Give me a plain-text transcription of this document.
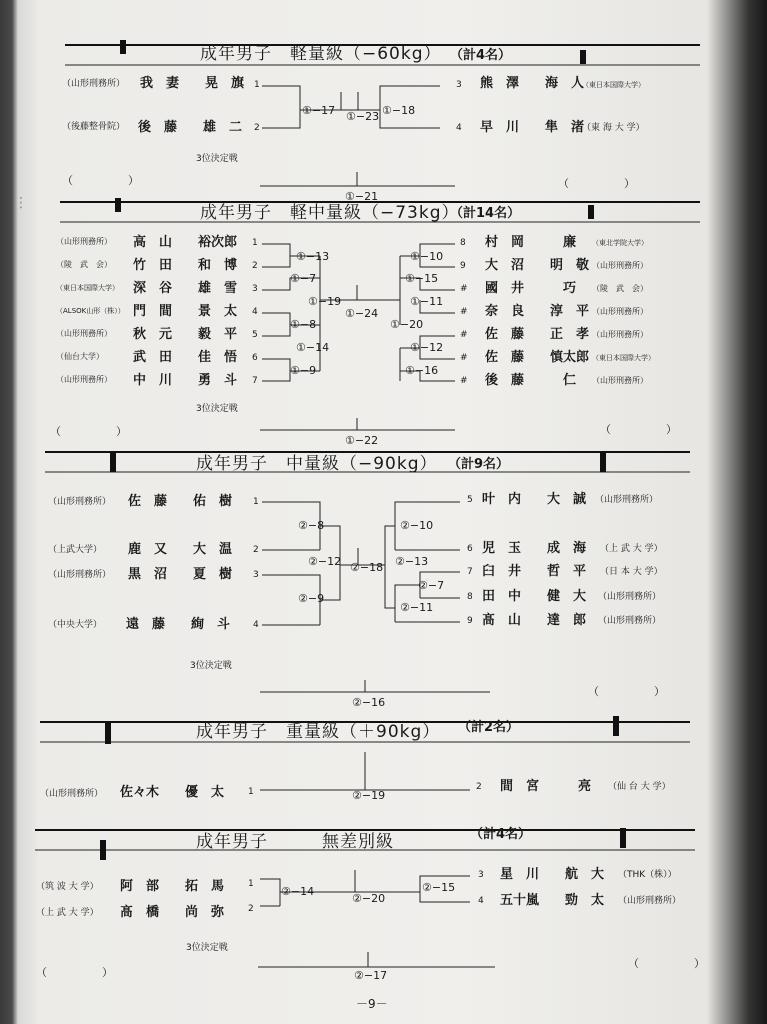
⋮
成年男子　軽量級（−60kg） （計4名）
（山形刑務所） 我　妻　　晃　旗 1
（後藤整骨院） 後　藤　　雄　二 2
3 熊　澤　　海　人
（東日本国際大学）
4 早　川　　隼　渚
（東 海 大 学）
①−17 ①−23 ①−18
3位決定戦
（　　　　　）	（　　　　　）
①−21
成年男子　軽中量級（−73kg）
（計14名）
（山形刑務所） 高　山　　裕次郎 1
（陵　武　会） 竹　田　　和　博 2
（東日本国際大学） 深　谷　　雄　雪 3
（ALSOK山形（株）） 門　間　　景　太 4
（山形刑務所） 秋　元　　毅　平 5
（仙台大学） 武　田　　佳　悟 6
（山形刑務所） 中　川　　勇　斗 7
8 村　岡　　　廉 （東北学院大学）
9 大　沼　　明　敬 （山形刑務所）
# 國　井　　　巧 （陵　武　会）
# 奈　良　　淳　平 （山形刑務所）
# 佐　藤　　正　孝 （山形刑務所）
# 佐　藤　　慎太郎 （東日本国際大学）
# 後　藤　　　仁 （山形刑務所）
①−13
①−7
①−19
①−8
①−14
①−9
①−24
①−10
①−15
①−11
①−20
①−12
①−16
3位決定戦
（　　　　　）	（　　　　　）
①−22
成年男子　中量級（−90kg） （計9名）
（山形刑務所） 佐　藤　　佑　樹 1
（上武大学） 鹿　又　　大　温 2
（山形刑務所） 黒　沼　　夏　樹 3
（中央大学） 遠　藤　　絢　斗	4
5 叶　内　　大　誠 （山形刑務所）
6 児　玉　　成　海 （上 武 大 学）
7 臼　井　　哲　平 （日 本 大 学）
8 田　中　　健　大 （山形刑務所）
9 髙　山　　達　郎 （山形刑務所）
②−8
②−12
②−9
②−18
②−10
②−13
②−7
②−11
3位決定戦
（　　　　　）
②−16
成年男子　重量級（＋90kg） （計2名）
（山形刑務所） 佐々木　　優　太	1	2 間　宮　　　亮 （仙 台 大 学）
②−19
成年男子　　　無差別級	（計4名）
（筑 波 大 学） 阿　部　　拓　馬	1
（上 武 大 学） 髙　橋　　尚　弥	2
3 星　川　　航　大 （THK（株））
4 五十嵐　　勁　太 （山形刑務所）
②−14
②−20
②−15
3位決定戦
（　　　　　）
（　　　　　）
②−17
－9－
